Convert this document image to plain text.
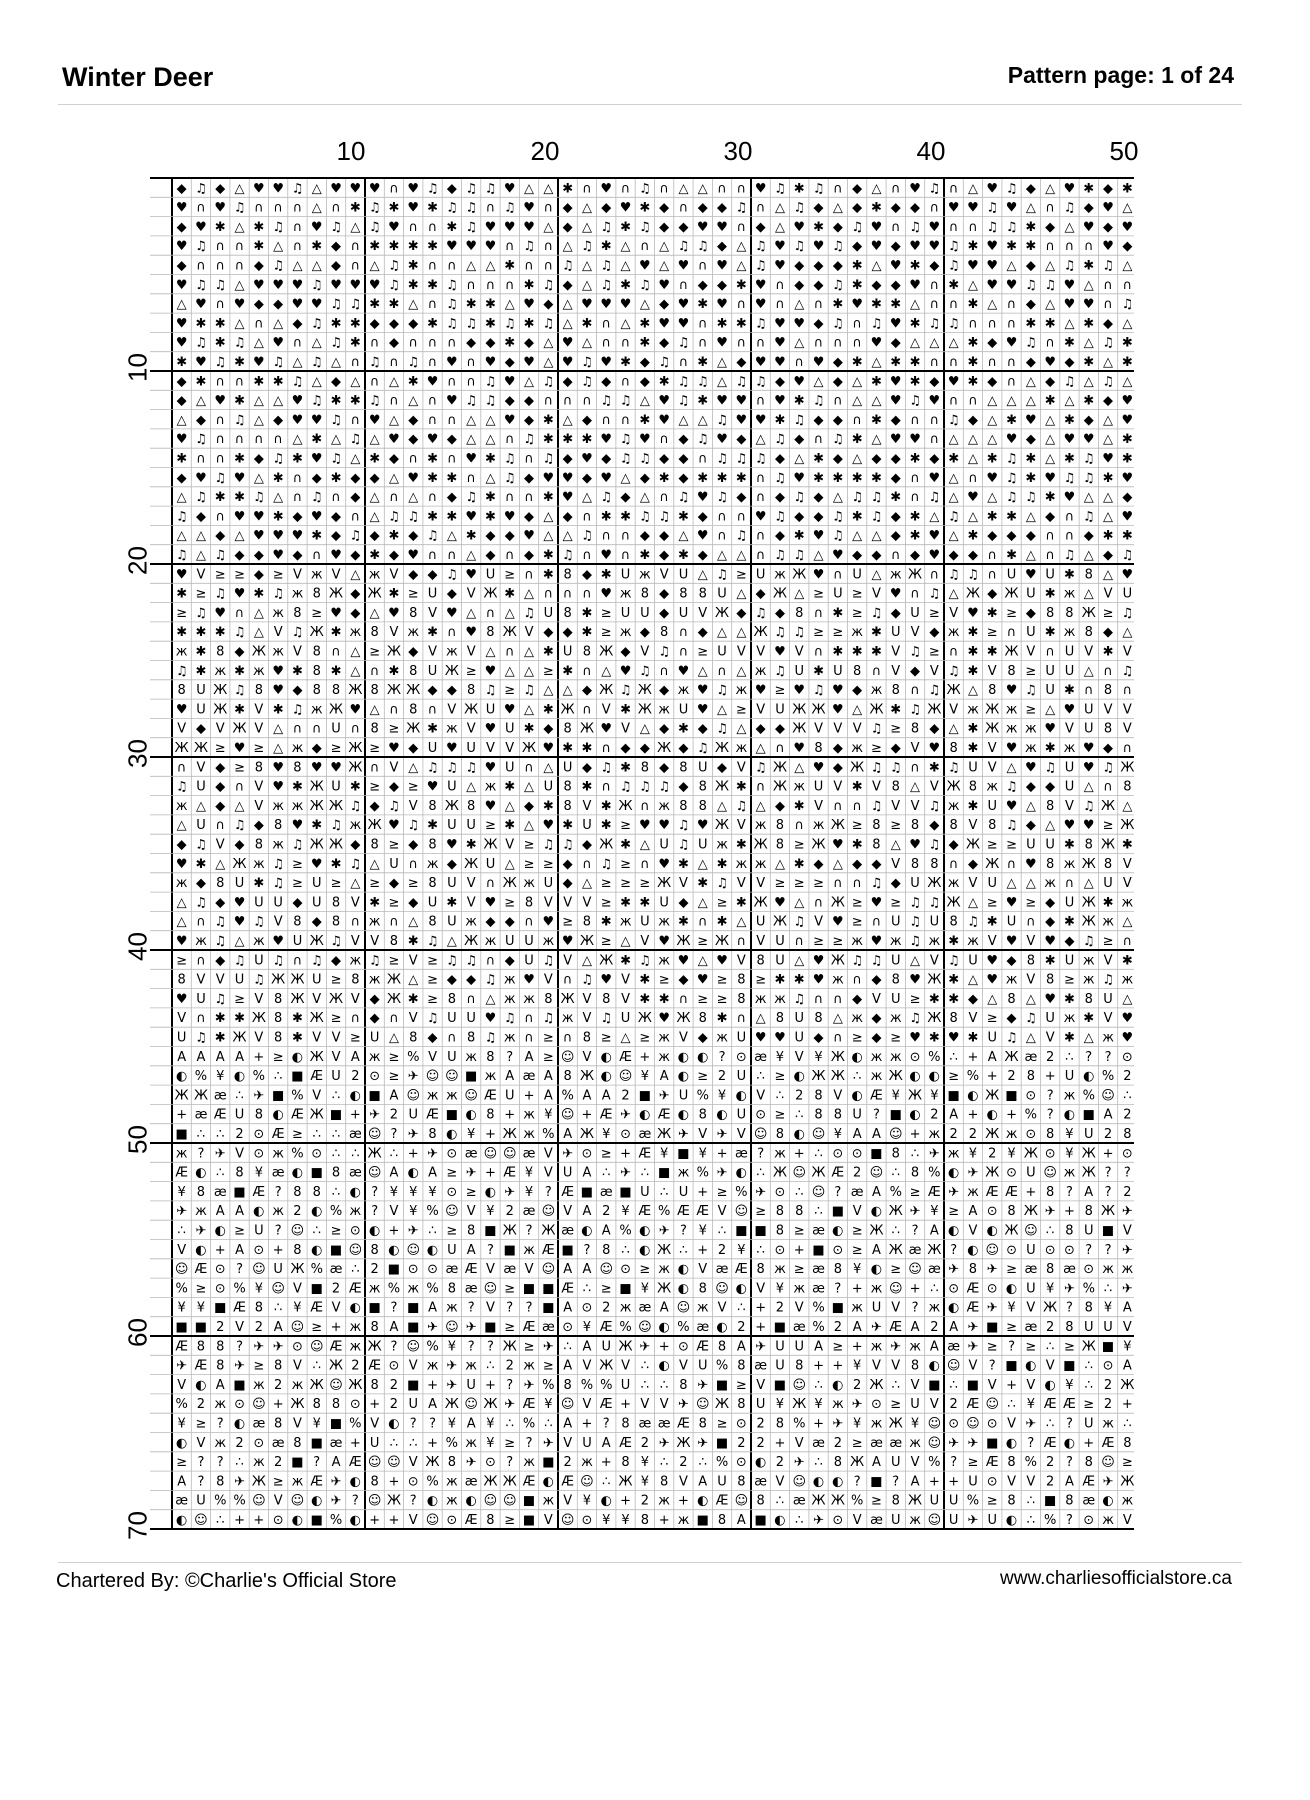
Winter Deer	Pattern page: 1 of 24
10	20	30	40	50
10
20
30
40
50
60
70
◆ ♫ ◆ △ ♥ ♥ ♫ △ ♥ ♥ ♥ ∩ ♥ ♫ ◆ ♫ ♫ ♥ △ △ ✱ ∩ ♥ ∩ ♫ ∩ △ △ ∩ ∩ ♥ ♫ ✱ ♫ ∩ ◆ △ ∩ ♥ ♫ ∩ △ ♥ ♫ ◆ △ ♥ ✱ ◆ ✱
♥ ∩ ♥ ♫ ∩ ∩ ∩ △ ∩ ✱ ♫ ✱ ♥ ✱ ♫ ♫ ∩ ♫ ♥ ∩ ◆ △ ◆ ♥ ✱ ◆ ∩ ◆ ◆ ♫ ∩ △ ♫ ◆ △ ◆ ✱ ◆ ◆ ∩ ♥ ♥ ♫ ♥ △ ∩ ♫ ◆ ♥ △
◆ ♥ ✱ △ ✱ ♫ ∩ ♥ ♫ △ ♫ ♥ ∩ ∩ ✱ ♫ ♥ ♥ ♥ △ ◆ △ ♫ ✱ ♫ ◆ ◆ ♥ ♥ ∩ ◆ △ ♥ ✱ ◆ ♫ ♥ ∩ ♫ ♥ ∩ ∩ ♫ ♫ ✱ ◆ △ ♥ ◆ ♥
♥ ♫ ∩ ∩ ✱ △ ∩ ✱ ◆ ∩ ✱ ✱ ✱ ✱ ♥ ♥ ♥ ∩ ♫ ∩ △ ♫ ✱ △ ∩ △ ♫ ♫ ◆ △ ♫ ♥ ♫ ♥ ♫ ◆ ♥ ◆ ♥ ♥ ♫ ✱ ♥ ✱ ✱ ∩ ∩ ∩ ♥ ◆
◆ ∩ ∩ ∩ ◆ ♫ △ △ ◆ ∩ △ ♫ ✱ ∩ ∩ △ △ ✱ ∩ ∩ ♫ △ ♫ △ ♥ △ ♥ ∩ ♥ △ ♫ ♥ ◆ ◆ ◆ ✱ △ ♥ ✱ ◆ ♫ ♥ ♥ △ ◆ △ ♫ ✱ ♫ △
♥ ♫ ♫ △ ♥ ♥ ♥ ♫ ♥ ♥ ♥ ♫ ✱ ✱ ♫ ∩ ∩ ∩ ✱ ♫ ◆ △ ♫ ✱ ♫ ♥ ∩ ◆ ◆ ✱ ♥ ∩ ◆ ◆ ♫ ✱ ◆ ◆ ♥ ∩ ✱ △ ♥ ♥ ♫ ♫ ♥ △ ∩ ∩
△ ♥ ∩ ♥ ◆ ◆ ♥ ♥ ♫ ♫ ✱ ✱ △ ∩ ♫ ✱ ✱ △ ♥ ◆ △ ♥ ♥ ♥ △ ◆ ♥ ✱ ♥ ∩ ♥ ∩ △ ∩ ✱ ♥ ✱ ✱ △ ∩ ∩ ✱ △ ∩ ◆ △ ♥ ♥ ∩ ♫
♥ ✱ ✱ △ ∩ △ ◆ ♫ ✱ ✱ ◆ ◆ ◆ ✱ ♫ ♫ ✱ ♫ ✱ ♫ △ ✱ ∩ △ ✱ ♥ ♥ ∩ ✱ ✱ ♫ ♥ ♥ ◆ ♫ ∩ ♫ ♥ ✱ ♫ ♫ ∩ ∩ ∩ ✱ ✱ △ ✱ ◆ △
♥ ♫ ✱ ♫ △ ♥ ∩ △ ♫ ✱ ∩ ◆ ∩ ∩ ∩ ◆ ◆ ✱ ◆ △ ♥ △ ∩ ∩ ✱ ◆ ♫ ∩ ♥ ∩ ∩ ♥ △ ∩ ∩ ∩ ♥ ◆ △ △ △ ✱ ◆ ♥ ♫ ∩ ✱ △ ♫ ✱
✱ ♥ ♫ ✱ ♥ ♫ △ ♫ △ ∩ ♫ ∩ ♫ ∩ ♥ ∩ ♥ ◆ ♥ △ ♥ ♫ ♥ ✱ ◆ ♫ ∩ ✱ △ ◆ ♥ ♥ ∩ ♥ ◆ ✱ △ ✱ ✱ ∩ ∩ ✱ ∩ ∩ ◆ ♥ ◆ ✱ △ ✱
◆ ✱ ∩ ∩ ✱ ✱ ♫ △ ◆ △ ∩ △ ✱ ♥ ∩ ∩ ♫ ♥ △ ♫ ◆ ♫ ◆ ∩ ◆ ✱ ♫ ♫ △ ♫ ♫ ◆ ♥ △ ◆ △ ✱ ♥ ✱ ◆ ♥ ✱ ◆ ∩ △ ◆ ♫ △ ♫ △
◆ △ ♥ ✱ △ △ ♥ ♫ ✱ ✱ ♫ ∩ △ ∩ ♥ ♫ ♫ ◆ ◆ ∩ ∩ ∩ ♫ ♫ △ ♥ ♫ ✱ ♥ ♥ ∩ ♥ ✱ ♫ ∩ △ △ ♥ ♫ ♥ ∩ ∩ △ △ △ ✱ △ ✱ ◆ ♥
△ ◆ ∩ ♫ △ ◆ ♥ ♥ ♫ ∩ ♥ △ ◆ ∩ ∩ △ △ ♥ ◆ ✱ △ ◆ ∩ ∩ ✱ ♥ △ △ ♫ ♥ ♥ ✱ ♫ ◆ ◆ ∩ ✱ ◆ ∩ ∩ ♫ ◆ △ ✱ ♥ △ ✱ ◆ △ ♥
♥ ♫ ∩ ∩ ∩ ∩ △ ✱ △ ♫ △ ♥ ◆ ♥ ◆ △ △ ∩ ♫ ✱ ✱ ✱ ♥ ♫ ♥ ∩ ◆ ♫ ♥ ◆ △ ♫ ◆ ∩ ♫ ✱ △ ♥ ♥ ∩ △ △ △ ♥ ◆ △ ♥ ♥ △ ✱
✱ ∩ ∩ ✱ ◆ ♫ ✱ ♥ ♫ △ ✱ ◆ ∩ ✱ ∩ ♥ ✱ ♫ ∩ ♫ ◆ ♥ ◆ ♫ ♫ ◆ ◆ ∩ ♫ ♫ ♫ ◆ △ ✱ ◆ △ ◆ ◆ ✱ ◆ ✱ △ ✱ ♫ ✱ △ ✱ ♫ ♥ ✱
◆ ♥ ♫ ♥ △ ✱ ∩ ◆ ✱ ◆ ◆ △ ♥ ✱ ✱ ∩ △ ♫ ◆ ♥ ♥ ◆ ♥ △ ◆ ✱ ◆ ✱ ✱ ✱ ∩ ♫ ♥ ✱ ✱ ✱ ✱ ◆ ∩ ♥ △ ∩ ♥ ♫ ✱ ♥ ♫ ♫ ✱ ♥
△ ♫ ✱ ✱ ♫ △ ∩ ♫ ∩ ◆ △ ∩ △ ∩ ◆ ♫ ✱ ∩ ∩ ✱ ♥ △ ♫ ◆ △ ∩ ♫ ♥ ♫ ◆ ∩ ◆ ♫ ◆ △ ♫ ♫ ✱ ∩ ♫ △ ♥ △ ♫ ♫ ✱ ♥ △ △ ◆
♫ ◆ ∩ ♥ ♥ ✱ ◆ ♥ ◆ ∩ △ ♫ ♫ ✱ ✱ ♥ ✱ ♥ ◆ △ ◆ ∩ ✱ ✱ ♫ ♫ ✱ ◆ ∩ ∩ ♥ ♫ ◆ ◆ ♫ ✱ ♫ ◆ ✱ △ ♫ △ ✱ ✱ △ ◆ ∩ ♫ △ ♥
△ △ ◆ △ ♥ ♥ ♥ ✱ ◆ ♫ ◆ ✱ ◆ ♫ △ ✱ ◆ ◆ ♥ △ △ ♫ ∩ ∩ ◆ ◆ △ ♥ ∩ ♫ ∩ ◆ ✱ ♥ ♫ △ △ ◆ ✱ ♥ △ ✱ ◆ ◆ ◆ ∩ ∩ ◆ ✱ ✱
♫ △ ♫ ◆ ◆ ♥ ◆ ∩ ♥ ◆ ✱ ◆ ♥ ∩ ∩ △ ◆ ∩ ◆ ✱ ♫ ∩ ♥ ∩ ✱ ◆ ✱ ◆ △ △ ∩ ♫ ♫ △ ♥ ◆ ◆ ∩ ◆ ♥ ◆ ◆ ∩ ✱ △ ∩ ♫ △ ◆ ♫
♥ V ≥ ≥ ◆ ≥ V ж V △ ж V ◆ ◆ ♫ ♥ U ≥ ∩ ✱ 8 ◆ ✱ U ж V U △ ♫ ≥ U ж Ж ♥ ∩ U △ ж Ж ∩ ♫ ♫ ∩ U ♥ U ✱ 8 △ ♥
✱ ≥ ♫ ♥ ✱ ♫ ж 8 Ж ◆ Ж ✱ ≥ U ◆ V Ж ✱ △ ∩ ∩ ∩ ♥ ж 8 ◆ 8 8 U △ ◆ Ж △ ≥ U ≥ V ♥ ∩ ♫ △ Ж ◆ Ж U ✱ ж △ V U
≥ ♫ ♥ ∩ △ ж 8 ≥ ♥ ◆ △ ♥ 8 V ♥ △ ∩ △ ♫ U 8 ✱ ≥ U U ◆ U V Ж ◆ ♫ ◆ 8 ∩ ✱ ≥ ♫ ◆ U ≥ V ♥ ✱ ≥ ◆ 8 8 Ж ≥ ♫
✱ ✱ ✱ ♫ △ V ♫ Ж ✱ ж 8 V ж ✱ ∩ ♥ 8 Ж V ◆ ◆ ✱ ≥ ж ◆ 8 ∩ ◆ △ △ Ж ♫ ♫ ≥ ≥ ж ✱ U V ◆ ж ✱ ≥ ∩ U ✱ ж 8 ◆ △
ж ✱ 8 ◆ Ж ж V 8 ∩ △ ≥ Ж ◆ V ж V △ ∩ △ ✱ U 8 Ж ◆ V ♫ ∩ ≥ U V V ♥ V ∩ ✱ ✱ ✱ V ♫ ≥ ∩ ✱ ✱ Ж V ∩ U V ✱ V
♫ ✱ ж ✱ ж ♥ ✱ 8 ✱ △ ∩ ✱ 8 U Ж ≥ ♥ △ △ ≥ ✱ ∩ △ ♥ ♫ ∩ ♥ △ ∩ △ ж ♫ U ✱ U 8 ∩ V ◆ V ♫ ✱ V 8 ≥ U U △ ∩ ♫
8 U Ж ♫ 8 ♥ ◆ 8 8 Ж 8 Ж Ж ◆ ◆ 8 ♫ ≥ ♫ △ △ ◆ Ж ♫ Ж ◆ ж ♥ ♫ ж ♥ ≥ ♥ ♫ ♥ ◆ ж 8 ∩ ♫ Ж △ 8 ♥ ♫ U ✱ ∩ 8 ∩
♥ U Ж ✱ V ✱ ♫ ж Ж ♥ △ ∩ 8 ∩ V Ж U ♥ △ ✱ Ж ∩ V ✱ Ж ж U ♥ △ ≥ V U Ж Ж ♥ △ Ж ✱ ♫ Ж V ж Ж ж ≥ △ ♥ U V V
V ◆ V Ж V △ ∩ ∩ U ∩ 8 ≥ Ж ✱ ж V ♥ U ✱ ◆ 8 Ж ♥ V △ ◆ ✱ ◆ ♫ △ ◆ ◆ Ж V V V ♫ ≥ 8 ◆ △ ✱ Ж ж ж ♥ V U 8 V
Ж Ж ≥ ♥ ≥ △ ж ◆ ≥ Ж ≥ ♥ ◆ U ♥ U V V Ж ♥ ✱ ✱ ∩ ◆ ◆ Ж ◆ ♫ Ж ж △ ∩ ♥ 8 ◆ ж ≥ ◆ V ♥ 8 ✱ V ♥ ж ✱ ж ♥ ◆ ∩
∩ V ◆ ≥ 8 ♥ 8 ♥ ♥ Ж ∩ V △ ♫ ♫ ♫ ♥ U ∩ △ U ◆ ♫ ✱ 8 ◆ 8 U ◆ V ♫ Ж △ ♥ ◆ Ж ♫ ♫ ∩ ✱ ♫ U V △ ♥ ♫ U ♥ ♫ Ж
♫ U ◆ ∩ V ♥ ✱ Ж U ✱ ≥ ◆ ≥ ♥ U △ ж ✱ △ U 8 ✱ ∩ ♫ ♫ ♫ ◆ 8 Ж ✱ ∩ Ж ж U V ✱ V 8 △ V Ж 8 ж ♫ ◆ ◆ U △ ∩ 8
ж △ ◆ △ V ж ж Ж Ж ♫ ◆ ♫ V 8 Ж 8 ♥ △ ◆ ✱ 8 V ✱ Ж ∩ ж 8 8 △ ♫ △ ◆ ✱ V ∩ ∩ ♫ V V ♫ ж ✱ U ♥ △ 8 V ♫ Ж △
△ U ∩ ♫ ◆ 8 ♥ ✱ ♫ ж Ж ♥ ♫ ✱ U U ≥ ✱ △ ♥ ✱ U ✱ ≥ ♥ ♥ ♫ ♥ Ж V ж 8 ∩ ж Ж ≥ 8 ≥ 8 ◆ 8 V 8 ♫ ◆ △ ♥ ♥ ≥ Ж
◆ ♫ V ◆ 8 ж ♫ Ж Ж ◆ 8 ≥ ◆ 8 ♥ ✱ Ж V ≥ ♫ ♫ ◆ Ж ✱ △ U ♫ U ж ✱ Ж 8 ≥ Ж ♥ ✱ 8 △ ♥ ♫ ◆ Ж ≥ ≥ U U ✱ 8 Ж ✱
♥ ✱ △ Ж ж ♫ ≥ ♥ ✱ ♫ △ U ∩ ж ◆ Ж U △ ≥ ≥ ◆ ∩ ♫ ≥ ∩ ♥ ✱ △ ✱ ж ж △ ✱ ◆ △ ◆ ◆ V 8 8 ∩ ◆ Ж ∩ ♥ 8 ж Ж 8 V
ж ◆ 8 U ✱ ♫ ≥ U ≥ △ ≥ ◆ ≥ 8 U V ∩ Ж ж U ◆ △ ≥ ≥ ≥ Ж V ✱ ♫ V V ≥ ≥ ≥ ∩ ∩ ♫ ◆ U Ж ж V U △ △ ж ∩ △ U V
△ ♫ ◆ ♥ U U ◆ U 8 V ✱ ≥ ◆ U ✱ V ♥ ≥ 8 V V V ≥ ✱ ✱ U ◆ △ ≥ ✱ Ж ♥ △ ∩ Ж ≥ ♥ ≥ ♫ ♫ Ж △ ≥ ♥ ≥ ◆ U Ж ✱ ж
△ ∩ ♫ ♥ ♫ V 8 ◆ 8 ∩ ж ∩ △ 8 U ж ◆ ◆ ∩ ♥ ≥ 8 ✱ ж U ж ✱ ∩ ✱ △ U Ж ♫ V ♥ ≥ ∩ U ♫ U 8 ♫ ✱ U ∩ ◆ ✱ Ж ж △
♥ ж ♫ △ ж ♥ U Ж ♫ V V 8 ✱ ♫ △ Ж ж U U ж ♥ Ж ≥ △ V ♥ Ж ≥ Ж ∩ V U ∩ ≥ ≥ ж ♥ ж ♫ ж ✱ ж V ♥ V ♥ ◆ ♫ ≥ ∩
≥ ∩ ◆ ♫ U ♫ ∩ ♫ ◆ ж ♫ ≥ V ≥ ♫ ♫ ∩ ◆ U ♫ V △ Ж ✱ ♫ ж ♥ △ ♥ V 8 U △ ♥ Ж ♫ ♫ U △ V ♫ U ♥ ◆ 8 ✱ U ж V ✱
8 V V U ♫ Ж Ж U ≥ 8 ж Ж △ ≥ ◆ ◆ ♫ ж ♥ V ∩ ♫ ♥ V ✱ ≥ ◆ ♥ ≥ 8 ≥ ✱ ✱ ♥ ж ∩ ◆ 8 ♥ Ж ✱ △ ♥ ж V 8 ≥ ж ♫ ж
♥ U ♫ ≥ V 8 Ж V Ж V ◆ Ж ✱ ≥ 8 ∩ △ ж ж 8 Ж V 8 V ✱ ✱ ∩ ≥ ≥ 8 ж ж ♫ ∩ ∩ ◆ V U ≥ ✱ ✱ ◆ △ 8 △ ♥ ✱ 8 U △
V ∩ ✱ ✱ Ж 8 ✱ Ж ≥ ∩ ◆ ∩ V ♫ U U ♥ ♫ ∩ ♫ ж V ♫ U Ж ♥ Ж 8 ✱ ∩ △ 8 U 8 △ ж ◆ ж ♫ Ж 8 V ≥ ◆ ♫ U ж ✱ V ♥
U ♫ ✱ Ж V 8 ✱ V V ≥ U △ 8 ◆ ∩ 8 ♫ ж ∩ ≥ ∩ 8 ≥ △ ≥ ж V ◆ ж U ♥ ♥ U ◆ ∩ ≥ ◆ ≥ ♥ ✱ ♥ ✱ U ♫ △ V ✱ △ ж ♥
A A A A + ≥ ◐ Ж V A ж ≥ % V U ж 8 ? A ≥ ☺ V ◐ Æ + ж ◐ ◐ ? ⊙ æ ¥ V ¥ Ж ◐ ж ж ⊙ % ∴ + A Ж æ 2 ∴ ? ? ⊙
◐ % ¥ ◐ % ∴ ■ Æ U 2 ⊙ ≥ ✈ ☺ ☺ ■ ж A æ A 8 Ж ◐ ☺ ¥ A ◐ ≥ 2 U ∴ ≥ ◐ Ж Ж ∴ ж Ж ◐ ◐ ≥ % + 2 8 + U ◐ % 2
Ж Ж æ ∴ ✈ ■ % V ∴ ◐ ■ A ☺ ж ж ☺ Æ U + A % A A 2 ■ ✈ U % ¥ ◐ V ∴ 2 8 V ◐ Æ ¥ Ж ¥ ■ ◐ Ж ■ ⊙ ? ж % ☺ ∴
+ æ Æ U 8 ◐ Æ Ж ■ + ✈ 2 U Æ ■ ◐ 8 + ж ¥ ☺ + Æ ✈ ◐ Æ ◐ 8 ◐ U ⊙ ≥ ∴ 8 8 U ? ■ ◐ 2 A + ◐ + % ? ◐ ■ A 2
■ ∴ ∴ 2 ⊙ Æ ≥ ∴ ∴ æ ☺ ? ✈ 8 ◐ ¥ + Ж ж % A Ж ¥ ⊙ æ Ж ✈ V ✈ V ☺ 8 ◐ ☺ ¥ A A ☺ + ж 2 2 Ж ж ⊙ 8 ¥ U 2 8
ж ? ✈ V ⊙ ж % ⊙ ∴ ∴ Ж ∴ + ✈ ⊙ æ ☺ ☺ æ V ✈ ⊙ ≥ + Æ ¥ ■ ¥ + æ ? ж + ∴ ⊙ ⊙ ■ 8 ∴ ✈ ж ¥ 2 ¥ Ж ⊙ ¥ Ж + ⊙
Æ ◐ ∴ 8 ¥ æ ◐ ■ 8 æ ☺ A ◐ A ≥ ✈ + Æ ¥ V U A ∴ ✈ ∴ ■ ж % ✈ ◐ ∴ Ж ☺ Ж Æ 2 ☺ ∴ 8 % ◐ ✈ Ж ⊙ U ☺ ж Ж ? ?
¥ 8 æ ■ Æ ? 8 8 ∴ ◐ ? ¥ ¥ ¥ ⊙ ≥ ◐ ✈ ¥ ? Æ ■ æ ■ U ∴ U + ≥ % ✈ ⊙ ∴ ☺ ? æ A % ≥ Æ ✈ ж Æ Æ + 8 ? A ? 2
✈ ж A A ◐ ж 2 ◐ % ж ? V ¥ % ☺ V ¥ 2 æ ☺ V A 2 ¥ Æ % Æ Æ V ☺ ≥ 8 8 ∴ ■ V ◐ Ж ✈ ¥ ≥ A ⊙ 8 Ж ✈ + 8 Ж ✈
∴ ✈ ◐ ≥ U ? ☺ ∴ ≥ ⊙ ◐ + ✈ ∴ ≥ 8 ■ Ж ? Ж æ ◐ A % ◐ ✈ ? ¥ ∴ ■ ■ 8 ≥ æ ◐ ≥ Ж ∴ ? A ◐ V ◐ Ж ☺ ∴ 8 U ■ V
V ◐ + A ⊙ + 8 ◐ ■ ☺ 8 ◐ ☺ ◐ U A ? ■ ж Æ ■ ? 8 ∴ ◐ Ж ∴ + 2 ¥ ∴ ⊙ + ■ ⊙ ≥ A Ж æ Ж ? ◐ ☺ ⊙ U ⊙ ⊙ ? ? ✈
☺ Æ ⊙ ? ☺ U Ж % æ ∴ 2 ■ ⊙ ⊙ æ Æ V æ V ☺ A A ☺ ⊙ ≥ ж ◐ V æ Æ 8 ж ≥ æ 8 ¥ ◐ ≥ ☺ æ ✈ 8 ✈ ≥ æ 8 æ ⊙ ж ж
% ≥ ⊙ % ¥ ☺ V ■ 2 Æ ж % ж % 8 æ ☺ ≥ ■ ■ Æ ∴ ≥ ■ ¥ Ж ◐ 8 ☺ ◐ V ¥ ж æ ? + ж ☺ + ∴ ⊙ Æ ⊙ ◐ U ¥ ✈ % ∴ ✈
¥ ¥ ■ Æ 8 ∴ ¥ Æ V ◐ ■ ? ■ A ж ? V ? ? ■ A ⊙ 2 ж æ A ☺ ж V ∴ + 2 V % ■ ж U V ? ж ◐ Æ ✈ ¥ V Ж ? 8 ¥ A
■ ■ 2 V 2 A ☺ ≥ + ж 8 A ■ ✈ ☺ ✈ ■ ≥ Æ æ ⊙ ¥ Æ % ☺ ◐ % æ ◐ 2 + ■ æ % 2 A ✈ Æ A 2 A ✈ ■ ≥ æ 2 8 U U V
Æ 8 8 ? ✈ ✈ ⊙ ☺ Æ ж Ж ? ☺ % ¥ ? ? Ж ≥ ✈ ∴ A U Ж ✈ + ⊙ Æ 8 A ✈ U U A ≥ + ж ✈ ж A æ ✈ ≥ ? ≥ ∴ ≥ Ж ■ ¥
✈ Æ 8 ✈ ≥ 8 V ∴ Ж 2 Æ ⊙ V ж ✈ ж ∴ 2 ж ≥ A V Ж V ∴ ◐ V U % 8 æ U 8 + + ¥ V V 8 ◐ ☺ V ? ■ ◐ V ■ ∴ ⊙ A
V ◐ A ■ ж 2 ж Ж ☺ Ж 8 2 ■ + ✈ U + ? ✈ % 8 % % U ∴ ∴ 8 ✈ ■ ≥ V ■ ☺ ∴ ◐ 2 Ж ∴ V ■ ∴ ■ V + V ◐ ¥ ∴ 2 Ж
% 2 ж ⊙ ☺ + Ж 8 8 ⊙ + 2 U A Ж ☺ Ж ✈ Æ ¥ ☺ V Æ + V V ✈ ☺ Ж 8 U ¥ Ж ¥ ж ✈ ⊙ ≥ U V 2 Æ ☺ ∴ ¥ Æ Æ ≥ 2 +
¥ ≥ ? ◐ æ 8 V ¥ ■ % V ◐ ? ? ¥ A ¥ ∴ % ∴ A + ? 8 æ æ Æ 8 ≥ ⊙ 2 8 % + ✈ ¥ ж Ж ¥ ☺ ⊙ ☺ ⊙ V ✈ ∴ ? U ж ∴
◐ V ж 2 ⊙ æ 8 ■ æ + U ∴ ∴ + % ж ¥ ≥ ? ✈ V U A Æ 2 ✈ Ж ✈ ■ 2 2 + V æ 2 ≥ æ æ ж ☺ ✈ ✈ ■ ◐ ? Æ ◐ + Æ 8
≥ ? ? ∴ ж 2 ■ ? A Æ ☺ ☺ V Ж 8 ✈ ⊙ ? ж ■ 2 ж + 8 ¥ ∴ 2 ∴ % ⊙ ◐ 2 ✈ ∴ 8 Ж A U V % ? ≥ Æ 8 % 2 ? 8 ☺ ≥
A ? 8 ✈ Ж ≥ ж Æ ✈ ◐ 8 + ⊙ % ж æ Ж Ж Æ ◐ Æ ☺ ∴ Ж ¥ 8 V A U 8 æ V ☺ ◐ ◐ ? ■ ? A + + U ⊙ V V 2 A Æ ✈ Ж
æ U % % ☺ V ☺ ◐ ✈ ? ☺ Ж ? ◐ ж ◐ ☺ ☺ ■ ж V ¥ ◐ + 2 ж + ◐ Æ ☺ 8 ∴ æ Ж Ж % ≥ 8 Ж U U % ≥ 8 ∴ ■ 8 æ ◐ ж
◐ ☺ ∴ + + ⊙ ◐ ■ % ◐ + + V ☺ ⊙ Æ 8 ≥ ■ V ☺ ⊙ ¥ ¥ 8 + ж ■ 8 A ■ ◐ ∴ ✈ ⊙ V æ U ж ☺ U ✈ U ◐ ∴ % ? ⊙ ж V
Chartered By: ©Charlie's Official Store	www.charliesofficialstore.ca
